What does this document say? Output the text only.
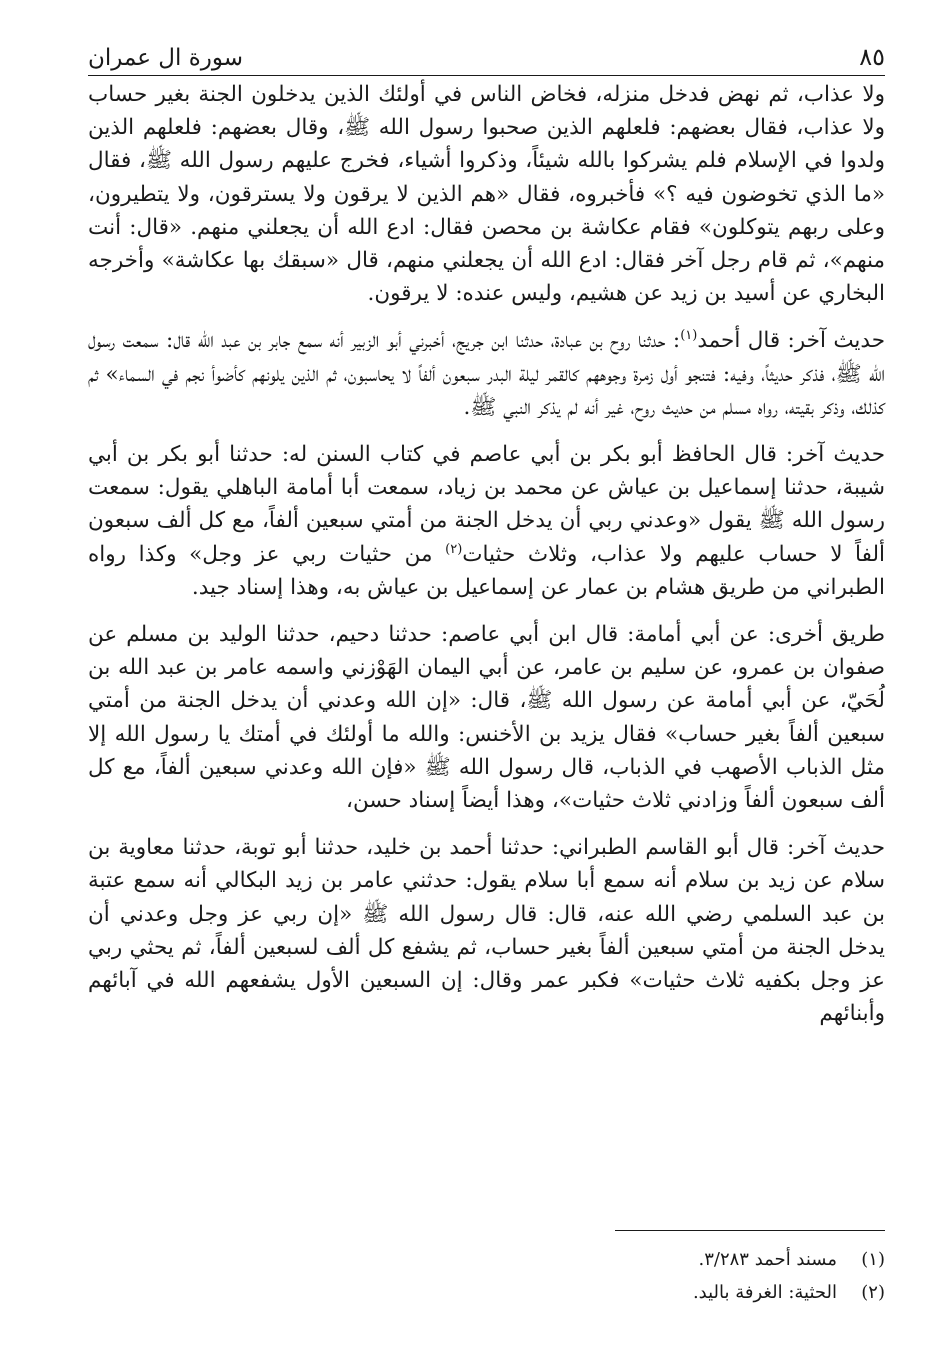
سورة ال عمران	٨٥

ولا عذاب، ثم نهض فدخل منزله، فخاض الناس في أولئك الذين يدخلون الجنة بغير حساب ولا عذاب، فقال بعضهم: فلعلهم الذين صحبوا رسول الله ﷺ، وقال بعضهم: فلعلهم الذين ولدوا في الإسلام فلم يشركوا بالله شيئاً، وذكروا أشياء، فخرج عليهم رسول الله ﷺ، فقال «ما الذي تخوضون فيه ؟» فأخبروه، فقال «هم الذين لا يرقون ولا يسترقون، ولا يتطيرون، وعلى ربهم يتوكلون» فقام عكاشة بن محصن فقال: ادع الله أن يجعلني منهم. «قال: أنت منهم»، ثم قام رجل آخر فقال: ادع الله أن يجعلني منهم، قال «سبقك بها عكاشة» وأخرجه البخاري عن أسيد بن زيد عن هشيم، وليس عنده: لا يرقون.

حديث آخر: قال أحمد$^{(١)}$: حدثنا روح بن عبادة، حدثنا ابن جريج، أخبرني أبو الزبير أنه سمع جابر بن عبد الله قال: سمعت رسول الله ﷺ، فذكر حديثاً، وفيه: فتنجو أول زمرة وجوههم كالقمر ليلة البدر سبعون ألفاً لا يحاسبون، ثم الذين يلونهم كأضوأ نجم في السماء» ثم كذلك، وذكر بقيته، رواه مسلم من حديث روح، غير أنه لم يذكر النبي ﷺ.

حديث آخر: قال الحافظ أبو بكر بن أبي عاصم في كتاب السنن له: حدثنا أبو بكر بن أبي شيبة، حدثنا إسماعيل بن عياش عن محمد بن زياد، سمعت أبا أمامة الباهلي يقول: سمعت رسول الله ﷺ يقول «وعدني ربي أن يدخل الجنة من أمتي سبعين ألفاً، مع كل ألف سبعون ألفاً لا حساب عليهم ولا عذاب، وثلاث حثيات$^{(٢)}$ من حثيات ربي عز وجل» وكذا رواه الطبراني من طريق هشام بن عمار عن إسماعيل بن عياش به، وهذا إسناد جيد.

طريق أخرى: عن أبي أمامة: قال ابن أبي عاصم: حدثنا دحيم، حدثنا الوليد بن مسلم عن صفوان بن عمرو، عن سليم بن عامر، عن أبي اليمان الهَوْزني واسمه عامر بن عبد الله بن لُحَيّ، عن أبي أمامة عن رسول الله ﷺ، قال: «إن الله وعدني أن يدخل الجنة من أمتي سبعين ألفاً بغير حساب» فقال يزيد بن الأخنس: والله ما أولئك في أمتك يا رسول الله إلا مثل الذباب الأصهب في الذباب، قال رسول الله ﷺ «فإن الله وعدني سبعين ألفاً، مع كل ألف سبعون ألفاً وزادني ثلاث حثيات»، وهذا أيضاً إسناد حسن،

حديث آخر: قال أبو القاسم الطبراني: حدثنا أحمد بن خليد، حدثنا أبو توبة، حدثنا معاوية بن سلام عن زيد بن سلام أنه سمع أبا سلام يقول: حدثني عامر بن زيد البكالي أنه سمع عتبة بن عبد السلمي رضي الله عنه، قال: قال رسول الله ﷺ «إن ربي عز وجل وعدني أن يدخل الجنة من أمتي سبعين ألفاً بغير حساب، ثم يشفع كل ألف لسبعين ألفاً، ثم يحثي ربي عز وجل بكفيه ثلاث حثيات» فكبر عمر وقال: إن السبعين الأول يشفعهم الله في آبائهم وأبنائهم

(١)
مسند أحمد ٣/٢٨٣.
(٢)
الحثية: الغرفة باليد.
